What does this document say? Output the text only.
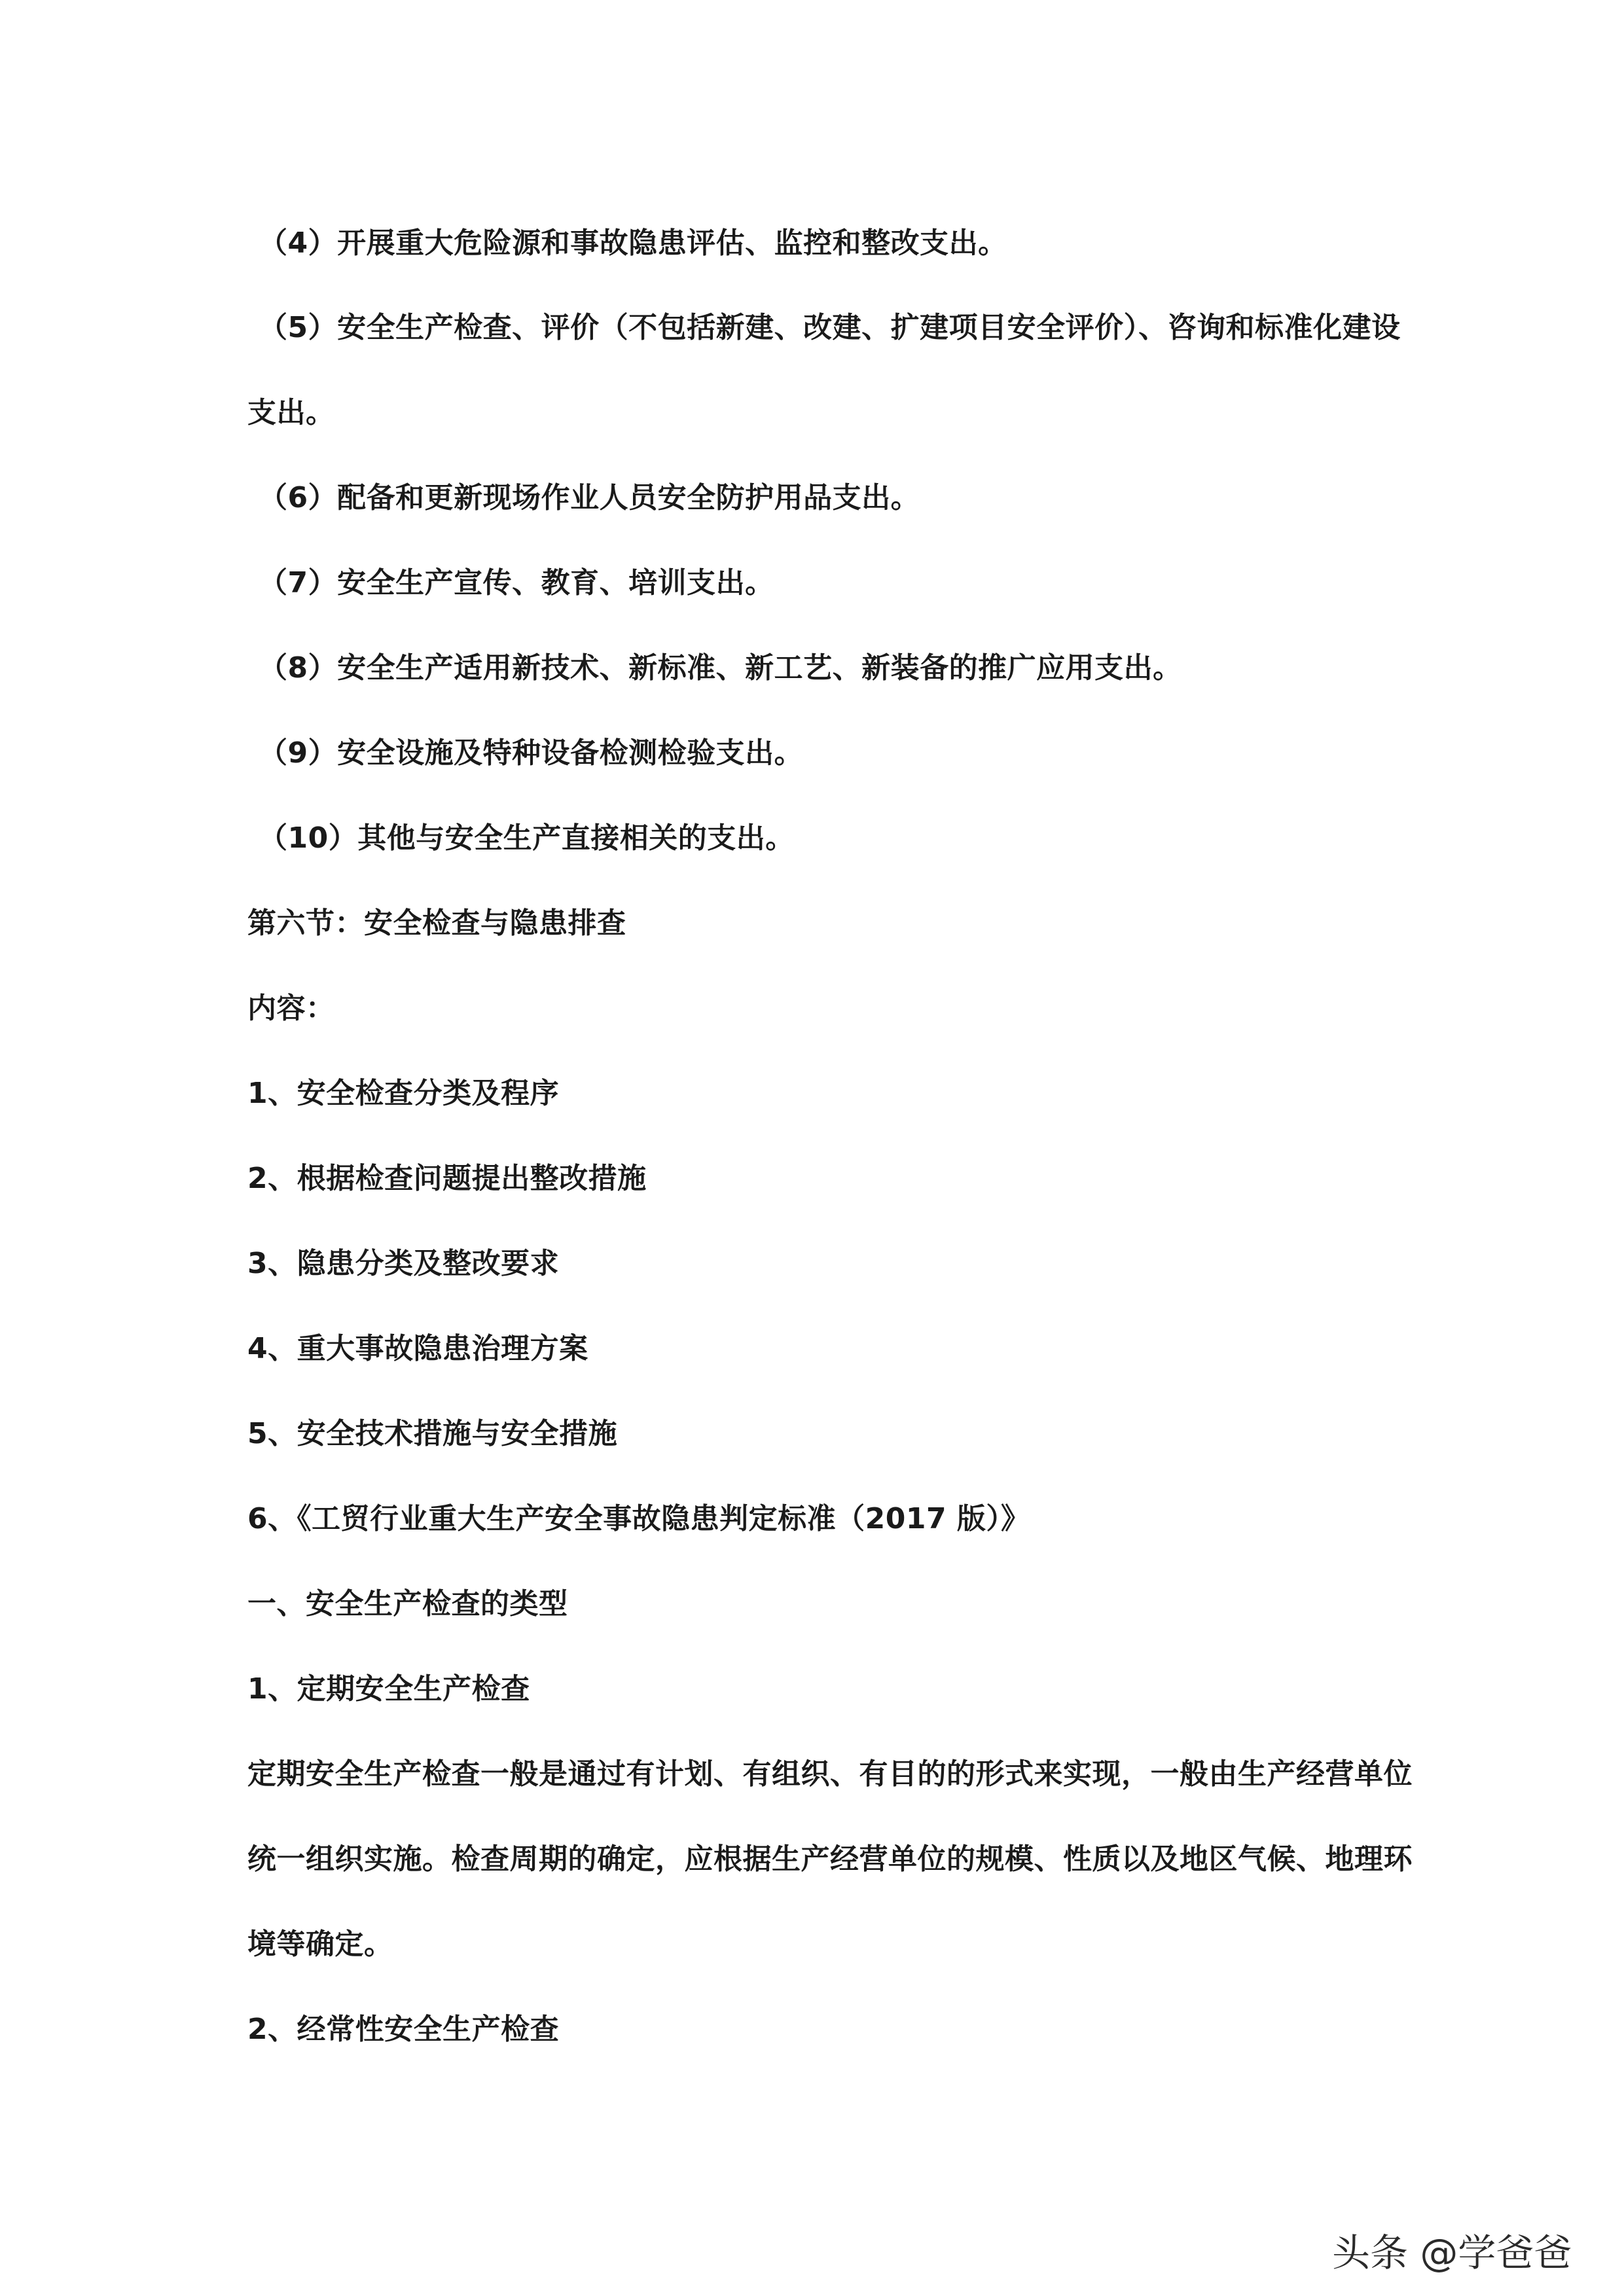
（4）开展重大危险源和事故隐患评估、监控和整改支出。
（5）安全生产检查、评价（不包括新建、改建、扩建项目安全评价）、咨询和标准化建设
支出。
（6）配备和更新现场作业人员安全防护用品支出。
（7）安全生产宣传、教育、培训支出。
（8）安全生产适用新技术、新标准、新工艺、新装备的推广应用支出。
（9）安全设施及特种设备检测检验支出。
（10）其他与安全生产直接相关的支出。
第六节：安全检查与隐患排查
内容：
1、安全检查分类及程序
2、根据检查问题提出整改措施
3、隐患分类及整改要求
4、重大事故隐患治理方案
5、安全技术措施与安全措施
6、《工贸行业重大生产安全事故隐患判定标准（2017 版）》
一、安全生产检查的类型
1、定期安全生产检查
定期安全生产检查一般是通过有计划、有组织、有目的的形式来实现，一般由生产经营单位
统一组织实施。检查周期的确定，应根据生产经营单位的规模、性质以及地区气候、地理环
境等确定。
2、经常性安全生产检查
头条 @学爸爸
